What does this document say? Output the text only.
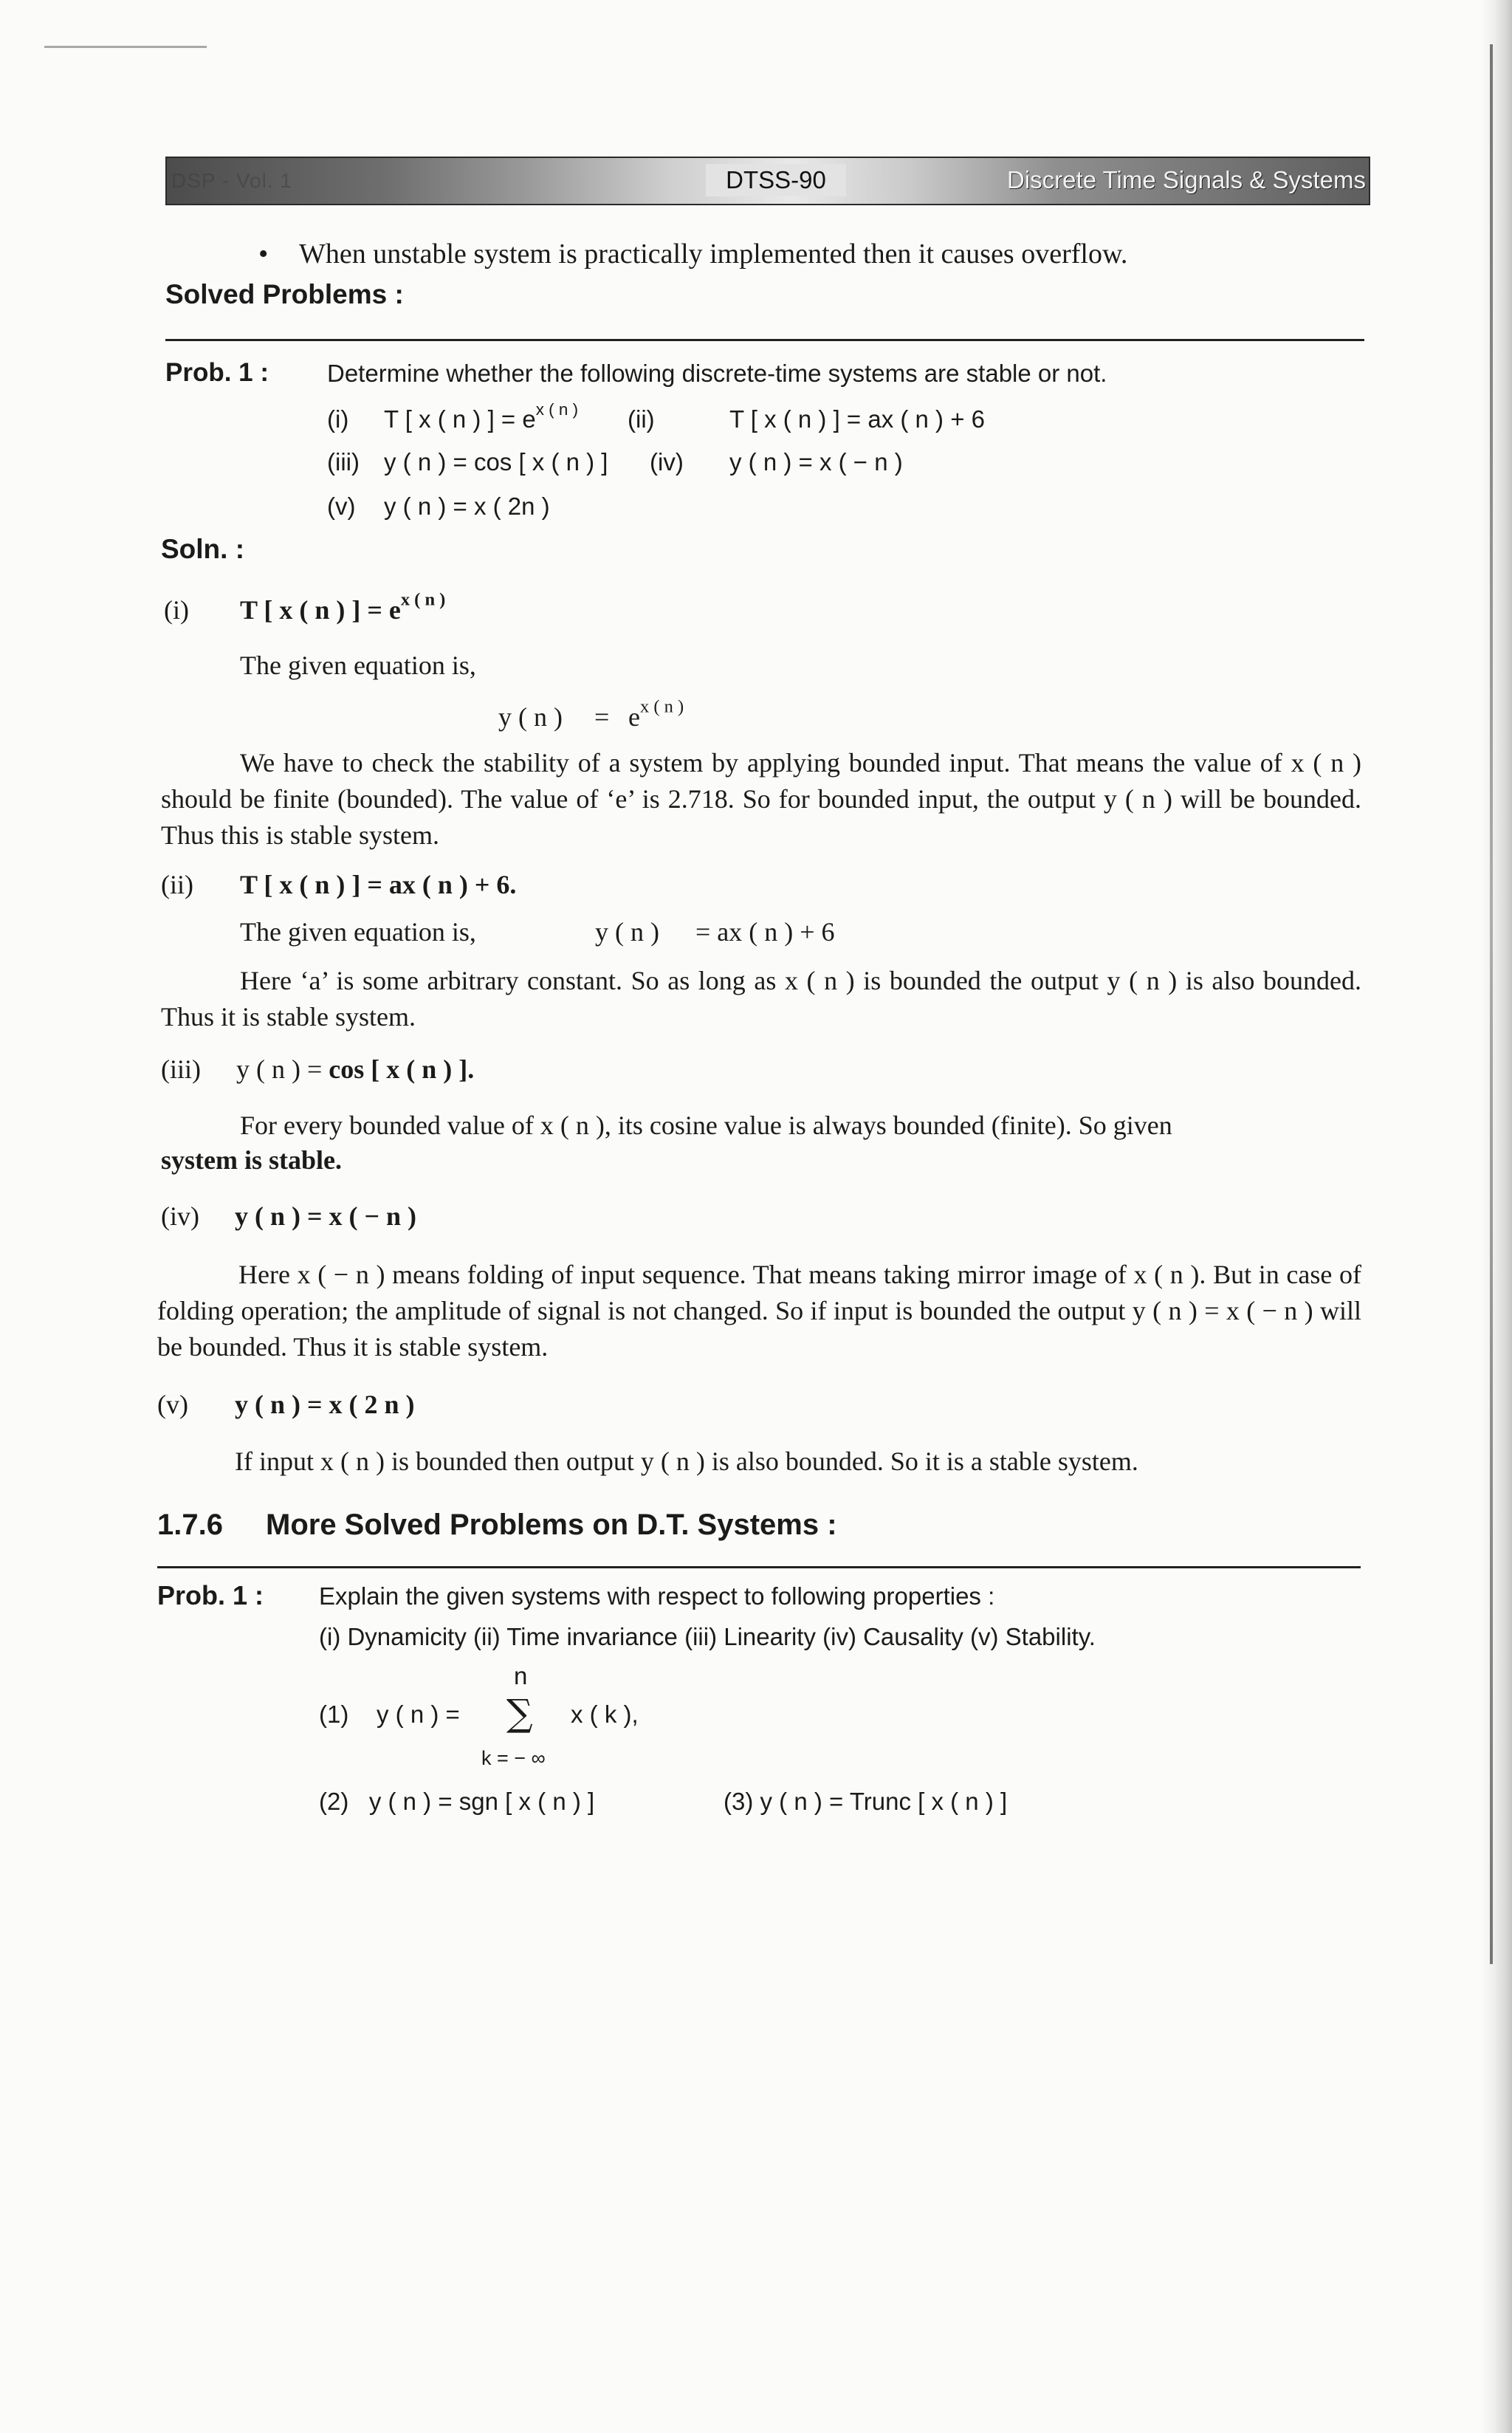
DSP - Vol. 1	DTSS-90	Discrete Time Signals & Systems
• When unstable system is practically implemented then it causes overflow.
Solved Problems :
Prob. 1 : Determine whether the following discrete-time systems are stable or not.
(i) T [ x ( n ) ] = $e^{x ( n )}$ (ii)	T [ x ( n ) ] = ax ( n ) + 6
(iii) y ( n ) = cos [ x ( n ) ] (iv) y ( n ) = x ( − n )
(v) y ( n ) = x ( 2n )
Soln. :
(i) T [ x ( n ) ] = $e^{x ( n )}$
The given equation is,
y ( n ) = $e^{x ( n )}$
We have to check the stability of a system by applying bounded input. That means the value of x ( n ) should be finite (bounded). The value of ‘e’ is 2.718. So for bounded input, the output y ( n ) will be bounded. Thus this is stable system.
(ii) T [ x ( n ) ] = ax ( n ) + 6.
The given equation is,	y ( n ) = ax ( n ) + 6
Here ‘a’ is some arbitrary constant. So as long as x ( n ) is bounded the output y ( n ) is also bounded. Thus it is stable system.
(iii) y ( n ) = cos [ x ( n ) ].
For every bounded value of x ( n ), its cosine value is always bounded (finite). So given
system is stable.
(iv) y ( n ) = x ( − n )
Here x ( − n ) means folding of input sequence. That means taking mirror image of x ( n ). But in case of folding operation; the amplitude of signal is not changed. So if input is bounded the output y ( n ) = x ( − n ) will be bounded. Thus it is stable system.
(v) y ( n ) = x ( 2 n )
If input x ( n ) is bounded then output y ( n ) is also bounded. So it is a stable system.
1.7.6 More Solved Problems on D.T. Systems :
Prob. 1 : Explain the given systems with respect to following properties :
(i) Dynamicity (ii) Time invariance (iii) Linearity (iv) Causality (v) Stability.
(1) y ( n ) =
n
∑
k = − ∞
x ( k ),
(2)   y ( n ) = sgn [ x ( n ) ]	(3) y ( n ) = Trunc [ x ( n ) ]
